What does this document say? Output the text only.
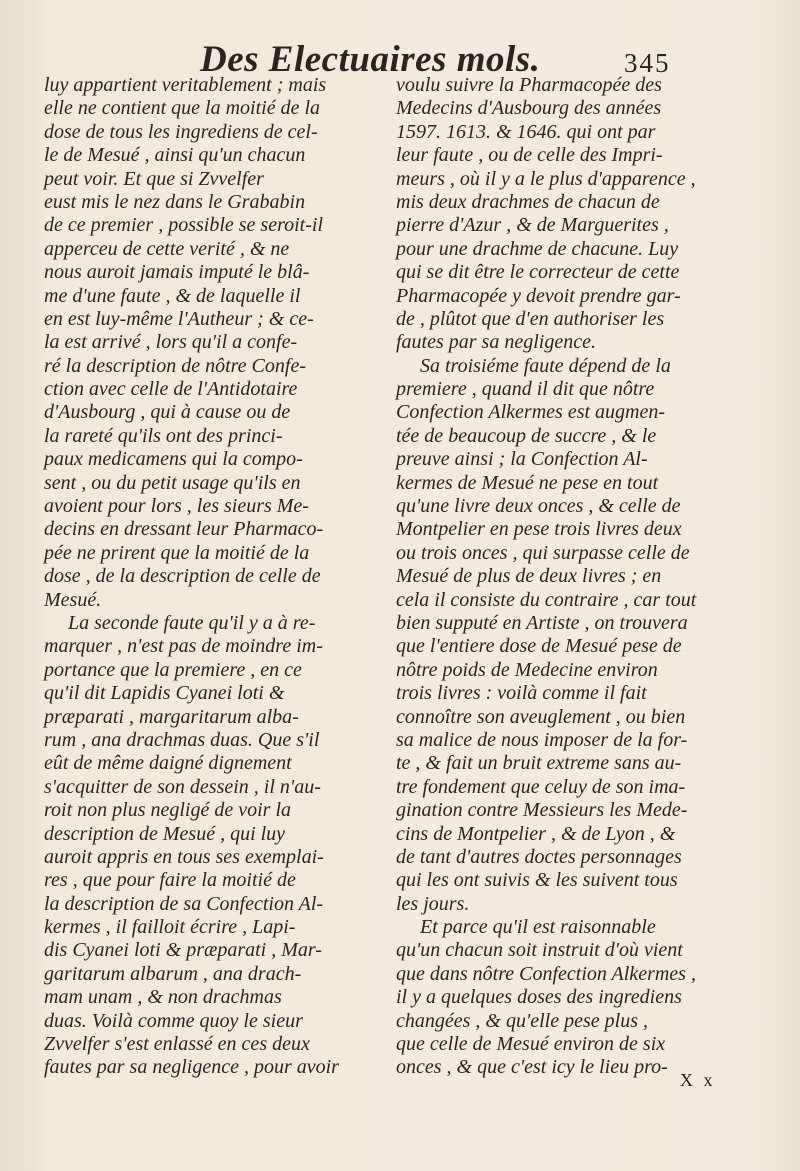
Des Electuaires mols.	345
luy appartient veritablement ; mais
elle ne contient que la moitié de la
dose de tous les ingrediens de cel-
le de Mesué , ainsi qu'un chacun
peut voir. Et que si Zvvelfer
eust mis le nez dans le Grababin
de ce premier , possible se seroit-il
apperceu de cette verité , & ne
nous auroit jamais imputé le blâ-
me d'une faute , & de laquelle il
en est luy-même l'Autheur ; & ce-
la est arrivé , lors qu'il a confe-
ré la description de nôtre Confe-
ction avec celle de l'Antidotaire
d'Ausbourg , qui à cause ou de
la rareté qu'ils ont des princi-
paux medicamens qui la compo-
sent , ou du petit usage qu'ils en
avoient pour lors , les sieurs Me-
decins en dressant leur Pharmaco-
pée ne prirent que la moitié de la
dose , de la description de celle de
Mesué.
La seconde faute qu'il y a à re-
marquer , n'est pas de moindre im-
portance que la premiere , en ce
qu'il dit Lapidis Cyanei loti &
præparati , margaritarum alba-
rum , ana drachmas duas. Que s'il
eût de même daigné dignement
s'acquitter de son dessein , il n'au-
roit non plus negligé de voir la
description de Mesué , qui luy
auroit appris en tous ses exemplai-
res , que pour faire la moitié de
la description de sa Confection Al-
kermes , il failloit écrire , Lapi-
dis Cyanei loti & præparati , Mar-
garitarum albarum , ana drach-
mam unam , & non drachmas
duas. Voilà comme quoy le sieur
Zvvelfer s'est enlassé en ces deux
fautes par sa negligence , pour avoir
voulu suivre la Pharmacopée des
Medecins d'Ausbourg des années
1597. 1613. & 1646. qui ont par
leur faute , ou de celle des Impri-
meurs , où il y a le plus d'apparence ,
mis deux drachmes de chacun de
pierre d'Azur , & de Marguerites ,
pour une drachme de chacune. Luy
qui se dit être le correcteur de cette
Pharmacopée y devoit prendre gar-
de , plûtot que d'en authoriser les
fautes par sa negligence.
Sa troisiéme faute dépend de la
premiere , quand il dit que nôtre
Confection Alkermes est augmen-
tée de beaucoup de succre , & le
preuve ainsi ; la Confection Al-
kermes de Mesué ne pese en tout
qu'une livre deux onces , & celle de
Montpelier en pese trois livres deux
ou trois onces , qui surpasse celle de
Mesué de plus de deux livres ; en
cela il consiste du contraire , car tout
bien supputé en Artiste , on trouvera
que l'entiere dose de Mesué pese de
nôtre poids de Medecine environ
trois livres : voilà comme il fait
connoître son aveuglement , ou bien
sa malice de nous imposer de la for-
te , & fait un bruit extreme sans au-
tre fondement que celuy de son ima-
gination contre Messieurs les Mede-
cins de Montpelier , & de Lyon , &
de tant d'autres doctes personnages
qui les ont suivis & les suivent tous
les jours.
Et parce qu'il est raisonnable
qu'un chacun soit instruit d'où vient
que dans nôtre Confection Alkermes ,
il y a quelques doses des ingrediens
changées , & qu'elle pese plus ,
que celle de Mesué environ de six
onces , & que c'est icy le lieu pro-
X x
